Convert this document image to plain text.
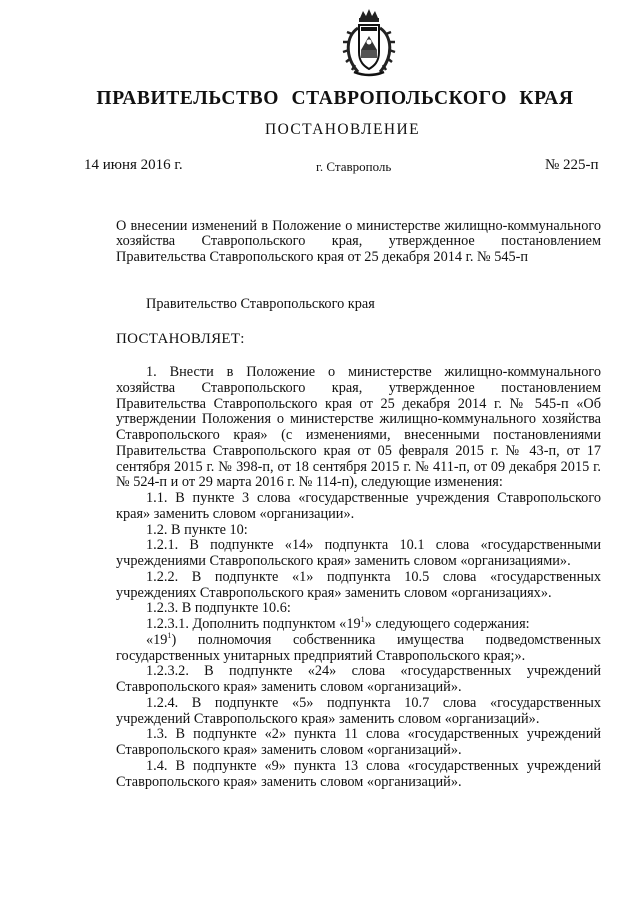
ПРАВИТЕЛЬСТВО СТАВРОПОЛЬСКОГО КРАЯ
ПОСТАНОВЛЕНИЕ
14 июня 2016 г.	г. Ставрополь	№ 225-п
О внесении изменений в Положение о министерстве жилищно-коммунального хозяйства Ставропольского края, утвержденное постановлением Правительства Ставропольского края от 25 декабря 2014 г. № 545-п
Правительство Ставропольского края
ПОСТАНОВЛЯЕТ:
1. Внести в Положение о министерстве жилищно-коммунального хозяйства Ставропольского края, утвержденное постановлением Правительства Ставропольского края от 25 декабря 2014 г. № 545-п «Об утверждении Положения о министерстве жилищно-коммунального хозяйства Ставропольского края» (с изменениями, внесенными постановлениями Правительства Ставропольского края от 05 февраля 2015 г. № 43-п, от 17 сентября 2015 г. № 398-п, от 18 сентября 2015 г. № 411-п, от 09 декабря 2015 г. № 524-п и от 29 марта 2016 г. № 114-п), следующие изменения:
1.1. В пункте 3 слова «государственные учреждения Ставропольского края» заменить словом «организации».
1.2. В пункте 10:
1.2.1. В подпункте «14» подпункта 10.1 слова «государственными учреждениями Ставропольского края» заменить словом «организациями».
1.2.2. В подпункте «1» подпункта 10.5 слова «государственных учреждениях Ставропольского края» заменить словом «организациях».
1.2.3. В подпункте 10.6:
1.2.3.1. Дополнить подпунктом «$19^1$» следующего содержания:
«$19^1$) полномочия собственника имущества подведомственных государственных унитарных предприятий Ставропольского края;».
1.2.3.2. В подпункте «24» слова «государственных учреждений Ставропольского края» заменить словом «организаций».
1.2.4. В подпункте «5» подпункта 10.7 слова «государственных учреждений Ставропольского края» заменить словом «организаций».
1.3. В подпункте «2» пункта 11 слова «государственных учреждений Ставропольского края» заменить словом «организаций».
1.4. В подпункте «9» пункта 13 слова «государственных учреждений Ставропольского края» заменить словом «организаций».
